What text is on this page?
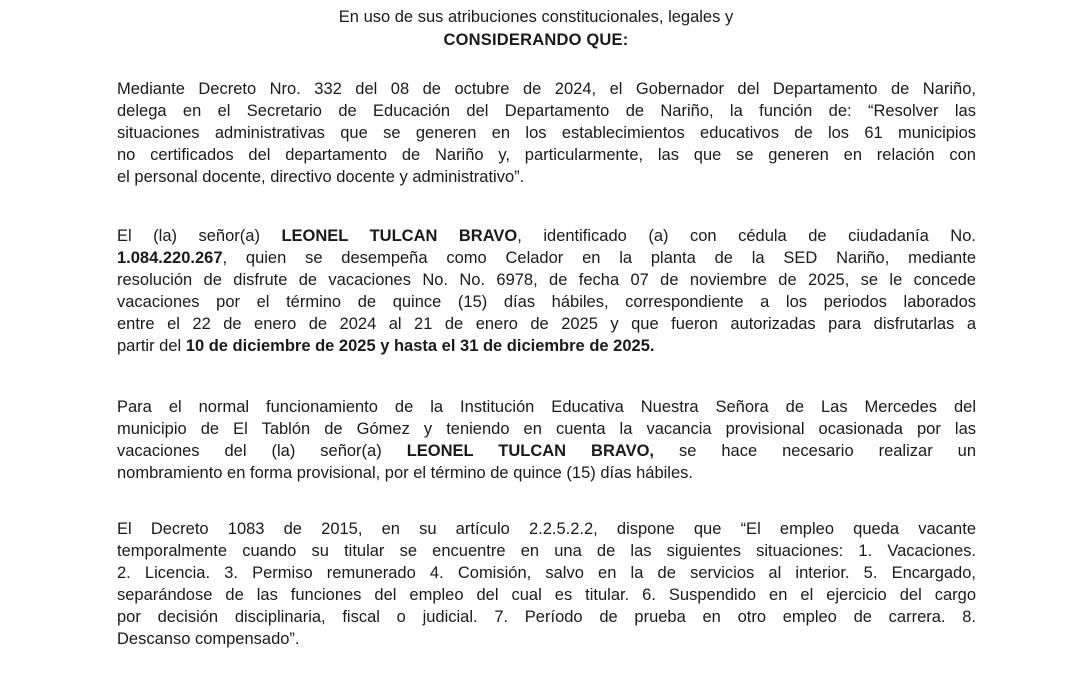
En uso de sus atribuciones constitucionales, legales y
CONSIDERANDO QUE:
Mediante Decreto Nro. 332 del 08 de octubre de 2024, el Gobernador del Departamento de Nariño,
delega en el Secretario de Educación del Departamento de Nariño, la función de: “Resolver las
situaciones administrativas que se generen en los establecimientos educativos de los 61 municipios
no certificados del departamento de Nariño y, particularmente, las que se generen en relación con
el personal docente, directivo docente y administrativo”.
El (la) señor(a) LEONEL TULCAN BRAVO, identificado (a) con cédula de ciudadanía No.
1.084.220.267, quien se desempeña como Celador en la planta de la SED Nariño, mediante
resolución de disfrute de vacaciones No. No. 6978, de fecha 07 de noviembre de 2025, se le concede
vacaciones por el término de quince (15) días hábiles, correspondiente a los periodos laborados
entre el 22 de enero de 2024 al 21 de enero de 2025 y que fueron autorizadas para disfrutarlas a
partir del 10 de diciembre de 2025 y hasta el 31 de diciembre de 2025.
Para el normal funcionamiento de la Institución Educativa Nuestra Señora de Las Mercedes del
municipio de El Tablón de Gómez y teniendo en cuenta la vacancia provisional ocasionada por las
vacaciones del (la) señor(a) LEONEL TULCAN BRAVO, se hace necesario realizar un
nombramiento en forma provisional, por el término de quince (15) días hábiles.
El Decreto 1083 de 2015, en su artículo 2.2.5.2.2, dispone que “El empleo queda vacante
temporalmente cuando su titular se encuentre en una de las siguientes situaciones: 1. Vacaciones.
2. Licencia. 3. Permiso remunerado 4. Comisión, salvo en la de servicios al interior. 5. Encargado,
separándose de las funciones del empleo del cual es titular. 6. Suspendido en el ejercicio del cargo
por decisión disciplinaria, fiscal o judicial. 7. Período de prueba en otro empleo de carrera. 8.
Descanso compensado”.
